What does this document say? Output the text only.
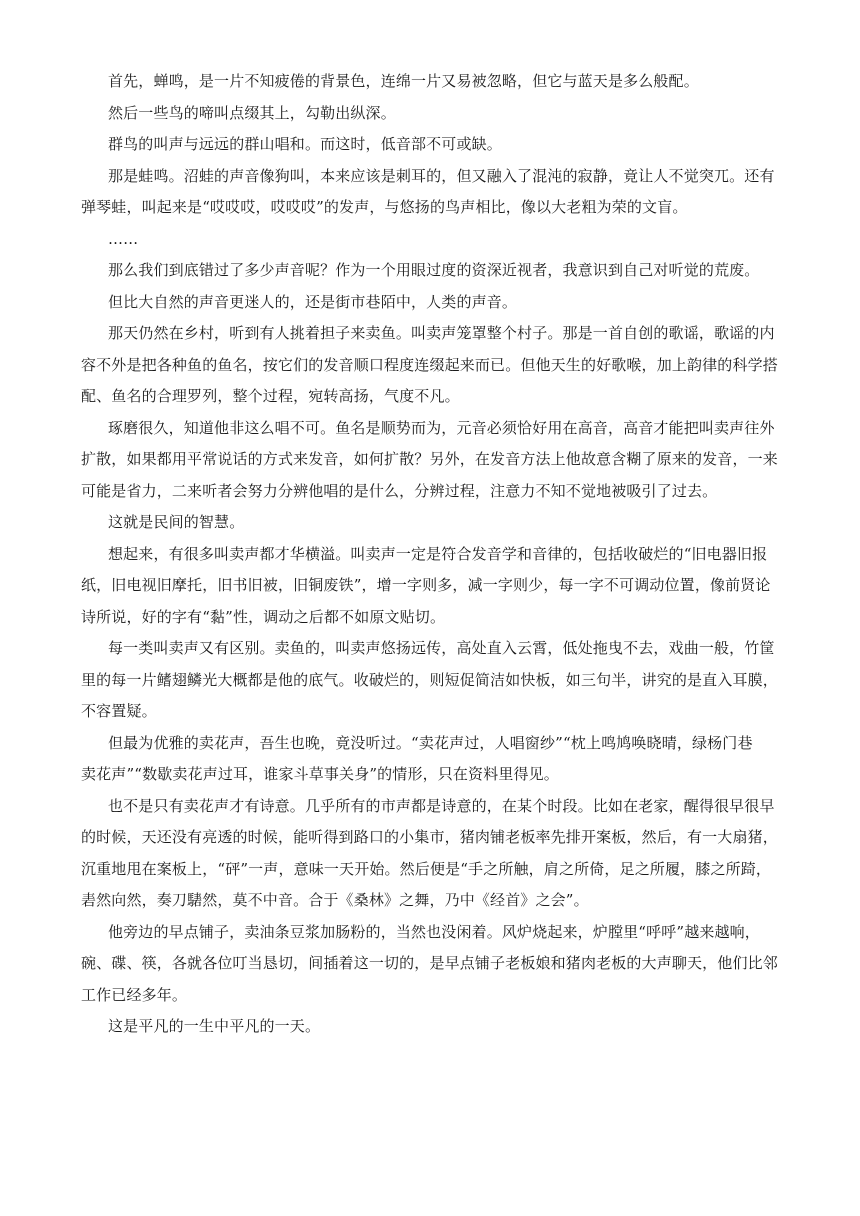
首先，蝉鸣，是一片不知疲倦的背景色，连绵一片又易被忽略，但它与蓝天是多么般配。
然后一些鸟的啼叫点缀其上，勾勒出纵深。
群鸟的叫声与远远的群山唱和。而这时，低音部不可或缺。
那是蛙鸣。沼蛙的声音像狗叫，本来应该是刺耳的，但又融入了混沌的寂静，竟让人不觉突兀。还有
弹琴蛙，叫起来是“哎哎哎，哎哎哎”的发声，与悠扬的鸟声相比，像以大老粗为荣的文盲。
……
那么我们到底错过了多少声音呢？作为一个用眼过度的资深近视者，我意识到自己对听觉的荒废。
但比大自然的声音更迷人的，还是街市巷陌中，人类的声音。
那天仍然在乡村，听到有人挑着担子来卖鱼。叫卖声笼罩整个村子。那是一首自创的歌谣，歌谣的内
容不外是把各种鱼的鱼名，按它们的发音顺口程度连缀起来而已。但他天生的好歌喉，加上韵律的科学搭
配、鱼名的合理罗列，整个过程，宛转高扬，气度不凡。
琢磨很久，知道他非这么唱不可。鱼名是顺势而为，元音必须恰好用在高音，高音才能把叫卖声往外
扩散，如果都用平常说话的方式来发音，如何扩散？另外，在发音方法上他故意含糊了原来的发音，一来
可能是省力，二来听者会努力分辨他唱的是什么，分辨过程，注意力不知不觉地被吸引了过去。
这就是民间的智慧。
想起来，有很多叫卖声都才华横溢。叫卖声一定是符合发音学和音律的，包括收破烂的“旧电器旧报
纸，旧电视旧摩托，旧书旧被，旧铜废铁”，增一字则多，减一字则少，每一字不可调动位置，像前贤论
诗所说，好的字有“黏”性，调动之后都不如原文贴切。
每一类叫卖声又有区别。卖鱼的，叫卖声悠扬远传，高处直入云霄，低处拖曳不去，戏曲一般，竹筐
里的每一片鳍翅鳞光大概都是他的底气。收破烂的，则短促简洁如快板，如三句半，讲究的是直入耳膜，
不容置疑。
但最为优雅的卖花声，吾生也晚，竟没听过。“卖花声过，人唱窗纱”“枕上鸣鸠唤晓晴，绿杨门巷
卖花声”“数歇卖花声过耳，谁家斗草事关身”的情形，只在资料里得见。
也不是只有卖花声才有诗意。几乎所有的市声都是诗意的，在某个时段。比如在老家，醒得很早很早
的时候，天还没有亮透的时候，能听得到路口的小集市，猪肉铺老板率先排开案板，然后，有一大扇猪，
沉重地甩在案板上，“砰”一声，意味一天开始。然后便是“手之所触，肩之所倚，足之所履，膝之所踦，
砉然向然，奏刀騞然，莫不中音。合于《桑林》之舞，乃中《经首》之会”。
他旁边的早点铺子，卖油条豆浆加肠粉的，当然也没闲着。风炉烧起来，炉膛里“呼呼”越来越响，
碗、碟、筷，各就各位叮当恳切，间插着这一切的，是早点铺子老板娘和猪肉老板的大声聊天，他们比邻
工作已经多年。
这是平凡的一生中平凡的一天。
